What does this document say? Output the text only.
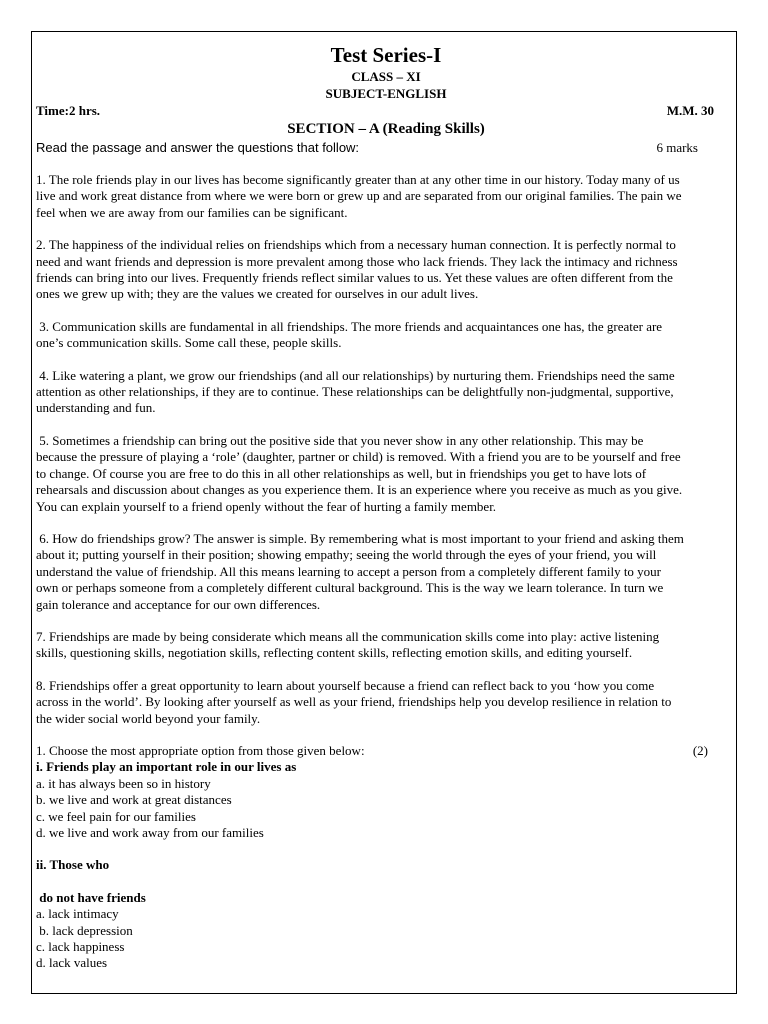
Test Series-I

CLASS – XI

SUBJECT-ENGLISH

Time:2 hrs.	M.M. 30
SECTION – A (Reading Skills)
Read the passage and answer the questions that follow:	6 marks

1. The role friends play in our lives has become significantly greater than at any other time in our history. Today many of us
live and work great distance from where we were born or grew up and are separated from our original families. The pain we
feel when we are away from our families can be significant.

2. The happiness of the individual relies on friendships which from a necessary human connection. It is perfectly normal to
need and want friends and depression is more prevalent among those who lack friends. They lack the intimacy and richness
friends can bring into our lives. Frequently friends reflect similar values to us. Yet these values are often different from the
ones we grew up with; they are the values we created for ourselves in our adult lives.

3. Communication skills are fundamental in all friendships. The more friends and acquaintances one has, the greater are
one’s communication skills. Some call these, people skills.

4. Like watering a plant, we grow our friendships (and all our relationships) by nurturing them. Friendships need the same
attention as other relationships, if they are to continue. These relationships can be delightfully non-judgmental, supportive,
understanding and fun.

5. Sometimes a friendship can bring out the positive side that you never show in any other relationship. This may be
because the pressure of playing a ‘role’ (daughter, partner or child) is removed. With a friend you are to be yourself and free
to change. Of course you are free to do this in all other relationships as well, but in friendships you get to have lots of
rehearsals and discussion about changes as you experience them. It is an experience where you receive as much as you give.
You can explain yourself to a friend openly without the fear of hurting a family member.

6. How do friendships grow? The answer is simple. By remembering what is most important to your friend and asking them
about it; putting yourself in their position; showing empathy; seeing the world through the eyes of your friend, you will
understand the value of friendship. All this means learning to accept a person from a completely different family to your
own or perhaps someone from a completely different cultural background. This is the way we learn tolerance. In turn we
gain tolerance and acceptance for our own differences.

7. Friendships are made by being considerate which means all the communication skills come into play: active listening
skills, questioning skills, negotiation skills, reflecting content skills, reflecting emotion skills, and editing yourself.

8. Friendships offer a great opportunity to learn about yourself because a friend can reflect back to you ‘how you come
across in the world’. By looking after yourself as well as your friend, friendships help you develop resilience in relation to
the wider social world beyond your family.

1. Choose the most appropriate option from those given below:	(2)
i. Friends play an important role in our lives as
a. it has always been so in history
b. we live and work at great distances
c. we feel pain for our families
d. we live and work away from our families
ii. Those who
do not have friends
a. lack intimacy
b. lack depression
c. lack happiness
d. lack values
